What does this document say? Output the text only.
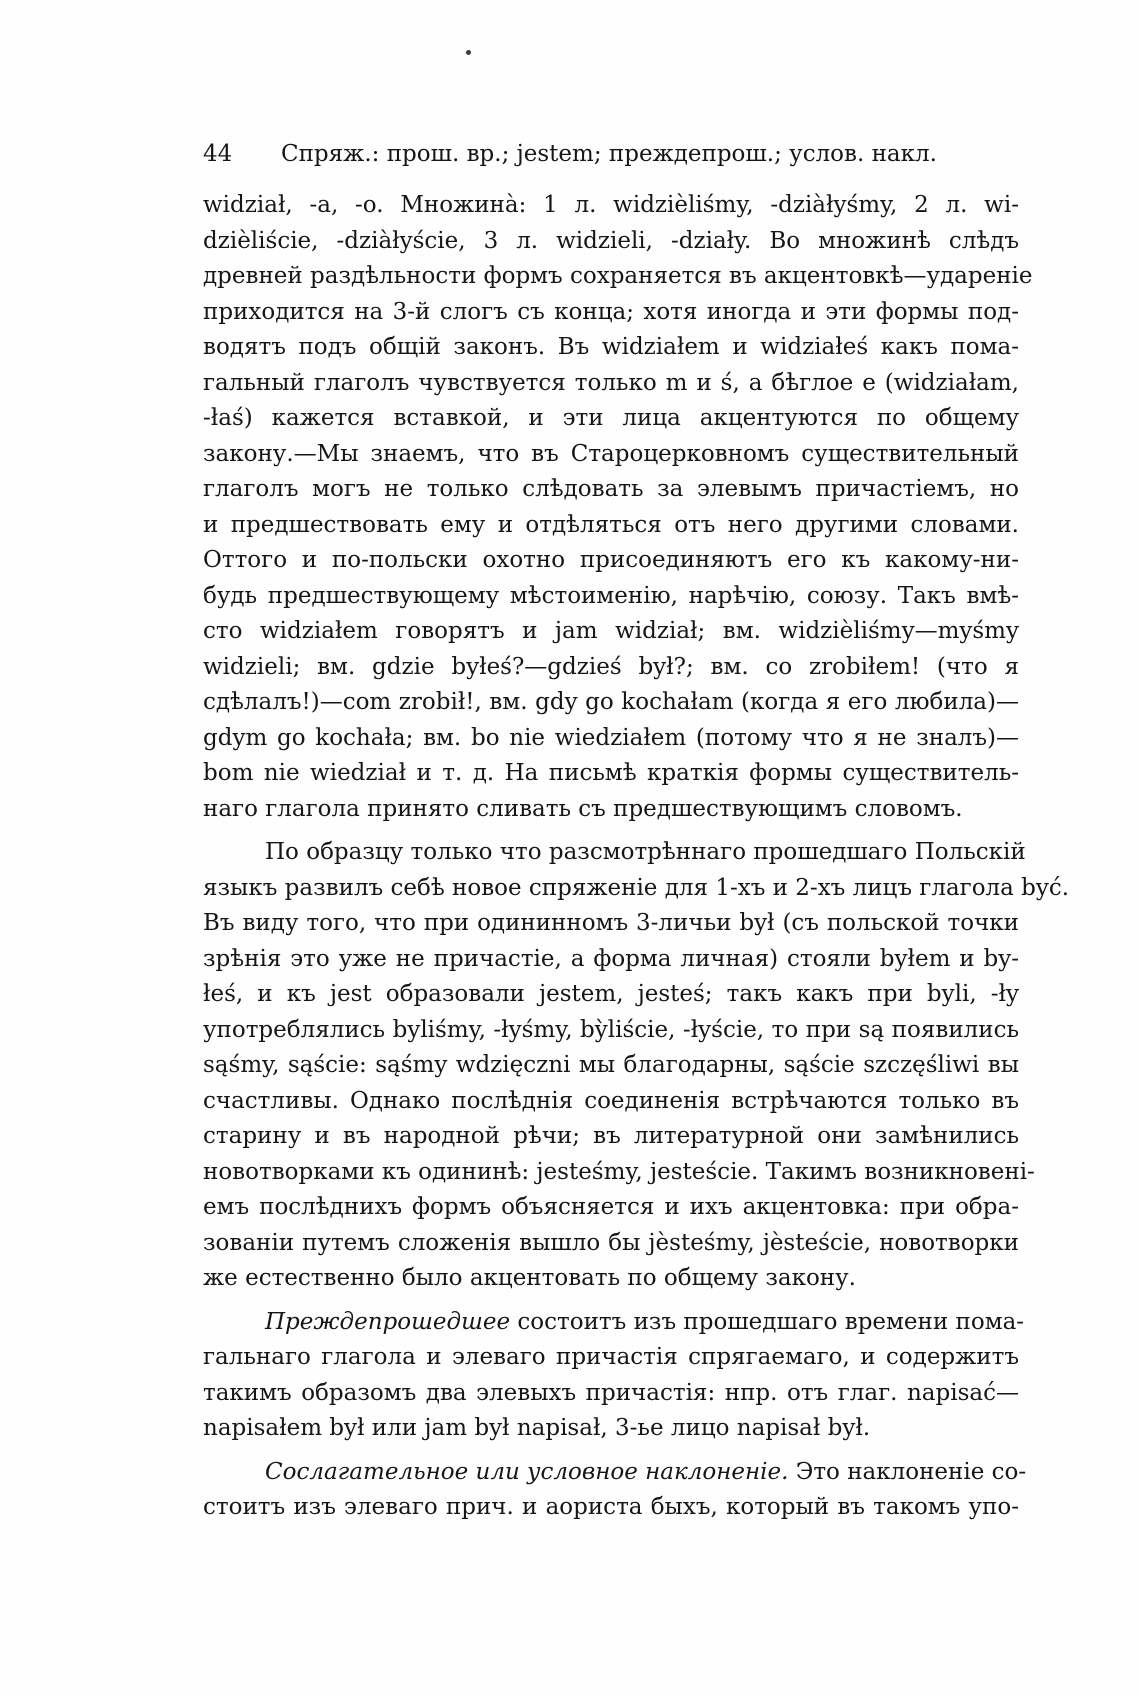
44 Спряж.: прош. вр.; jestem; преждепрош.; услов. накл.
widział, -a, -o. Множина̀: 1 л. widzièliśmy, -dziàłyśmy, 2 л. wi-
dzièliście, -dziàłyście, 3 л. widzieli, -działy. Во множинѣ слѣдъ
древней раздѣльности формъ сохраняется въ акцентовкѣ—удареніе
приходится на 3-й слогъ съ конца; хотя иногда и эти формы под-
водятъ подъ общій законъ. Въ widziałem и widziałeś какъ пома-
гальный глаголъ чувствуется только m и ś, а бѣглое е (widziałam,
-łaś) кажется вставкой, и эти лица акцентуются по общему
закону.—Мы знаемъ, что въ Староцерковномъ существительный
глаголъ могъ не только слѣдовать за элевымъ причастіемъ, но
и предшествовать ему и отдѣляться отъ него другими словами.
Оттого и по-польски охотно присоединяютъ его къ какому-ни-
будь предшествующему мѣстоименію, нарѣчію, союзу. Такъ вмѣ-
сто widziałem говорятъ и jam widział; вм. widzièliśmy—myśmy
widzieli; вм. gdzie byłeś?—gdzieś był?; вм. co zrobiłem! (что я
сдѣлалъ!)—com zrobił!, вм. gdy go kochałam (когда я его любила)—
gdym go kochała; вм. bo nie wiedziałem (потому что я не зналъ)—
bom nie wiedział и т. д. На письмѣ краткія формы существитель-
наго глагола принято сливать съ предшествующимъ словомъ.
По образцу только что разсмотрѣннаго прошедшаго Польскій
языкъ развилъ себѣ новое спряженіе для 1-хъ и 2-хъ лицъ глагола być.
Въ виду того, что при одининномъ 3-личьи był (съ польской точки
зрѣнія это уже не причастіе, а форма личная) стояли byłem и by-
łeś, и къ jest образовали jestem, jesteś; такъ какъ при byli, -ły
употреблялись byliśmy, -łyśmy, bỳliście, -łyście, то при są появились
sąśmy, sąście: sąśmy wdzięczni мы благодарны, sąście szczęśliwi вы
счастливы. Однако послѣднія соединенія встрѣчаются только въ
старину и въ народной рѣчи; въ литературной они замѣнились
новотворками къ одининѣ: jesteśmy, jesteście. Такимъ возникновені-
емъ послѣднихъ формъ объясняется и ихъ акцентовка: при обра-
зованіи путемъ сложенія вышло бы jèsteśmy, jèsteście, новотворки
же естественно было акцентовать по общему закону.
Преждепрошедшее состоитъ изъ прошедшаго времени пома-
гальнаго глагола и элеваго причастія спрягаемаго, и содержитъ
такимъ образомъ два элевыхъ причастія: нпр. отъ глаг. napisać—
napisałem był или jam był napisał, 3-ье лицо napisał był.
Сослагательное или условное наклоненіе. Это наклоненіе со-
стоитъ изъ элеваго прич. и аориста быхъ, который въ такомъ упо-
